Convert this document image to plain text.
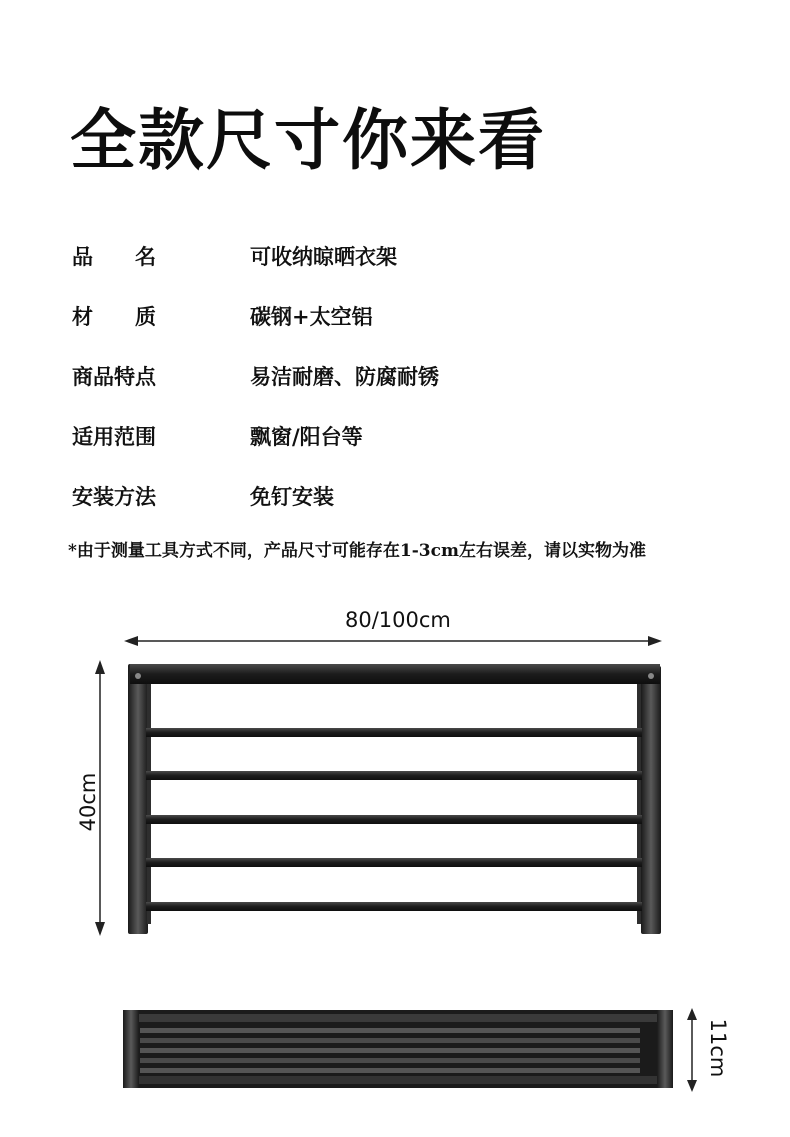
全款尺寸你来看
品　名	可收纳晾晒衣架
材　质	碳钢+太空铝
商品特点	易洁耐磨、防腐耐锈
适用范围	飘窗/阳台等
安装方法	免钉安装
*由于测量工具方式不同，产品尺寸可能存在1-3cm左右误差，请以实物为准
80/100cm
40cm
11cm
